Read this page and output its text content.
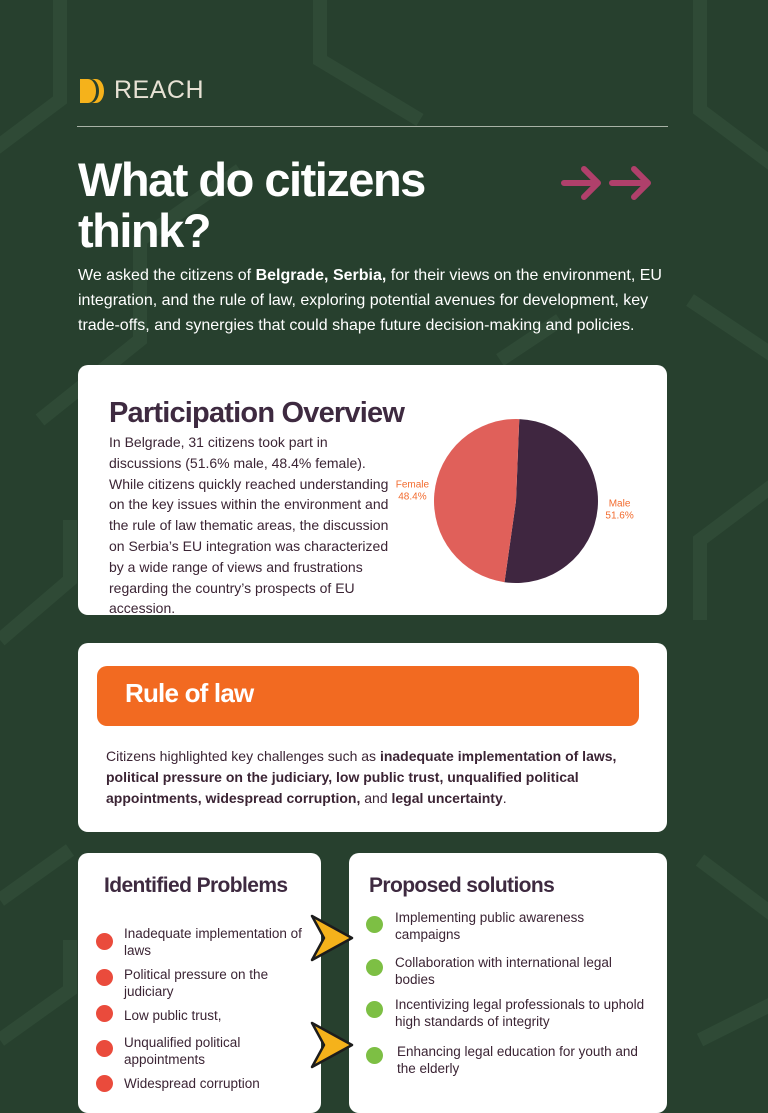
REACH
What do citizens think?

We asked the citizens of Belgrade, Serbia, for their views on the environment, EU integration, and the rule of law, exploring potential avenues for development, key trade-offs, and synergies that could shape future decision-making and policies.

Participation Overview

In Belgrade, 31 citizens took part in discussions (51.6% male, 48.4% female). While citizens quickly reached understanding on the key issues within the environment and the rule of law thematic areas, the discussion on Serbia’s EU integration was characterized by a wide range of views and frustrations regarding the country’s prospects of EU accession.

Male
51.6%
Female
48.4%
Rule of law

Citizens highlighted key challenges such as inadequate implementation of laws, political pressure on the judiciary, low public trust, unqualified political appointments, widespread corruption, and legal uncertainty.

Identified Problems
Inadequate implementation of laws
Political pressure on the judiciary
Low public trust,
Unqualified political appointments
Widespread corruption
Proposed solutions
Implementing public awareness campaigns
Collaboration with international legal bodies
Incentivizing legal professionals to uphold high standards of integrity
Enhancing legal education for youth and the elderly
